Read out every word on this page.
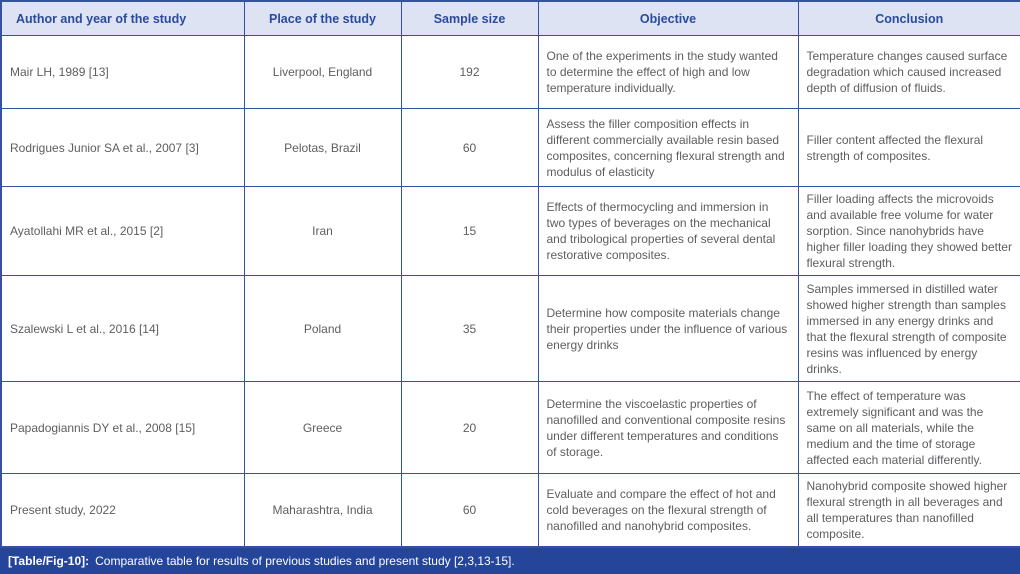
Author and year of the study	Place of the study	Sample size	Objective	Conclusion
Mair LH, 1989 [13]	Liverpool, England	192	One of the experiments in the study wanted to determine the effect of high and low temperature individually.	Temperature changes caused surface degradation which caused increased depth of diffusion of fluids.
Rodrigues Junior SA et al., 2007 [3]	Pelotas, Brazil	60	Assess the filler composition effects in different commercially available resin based composites, concerning flexural strength and modulus of elasticity	Filler content affected the flexural strength of composites.
Ayatollahi MR et al., 2015 [2]	Iran	15	Effects of thermocycling and immersion in two types of beverages on the mechanical and tribological properties of several dental restorative composites.	Filler loading affects the microvoids and available free volume for water sorption. Since nanohybrids have higher filler loading they showed better flexural strength.
Szalewski L et al., 2016 [14]	Poland	35	Determine how composite materials change their properties under the influence of various energy drinks	Samples immersed in distilled water showed higher strength than samples immersed in any energy drinks and that the flexural strength of composite resins was influenced by energy drinks.
Papadogiannis DY et al., 2008 [15]	Greece	20	Determine the viscoelastic properties of nanofilled and conventional composite resins under different temperatures and conditions of storage.	The effect of temperature was extremely significant and was the same on all materials, while the medium and the time of storage affected each material differently.
Present study, 2022	Maharashtra, India	60	Evaluate and compare the effect of hot and cold beverages on the flexural strength of nanofilled and nanohybrid composites.	Nanohybrid composite showed higher flexural strength in all beverages and all temperatures than nanofilled composite.
[Table/Fig-10]: Comparative table for results of previous studies and present study [2,3,13-15].
